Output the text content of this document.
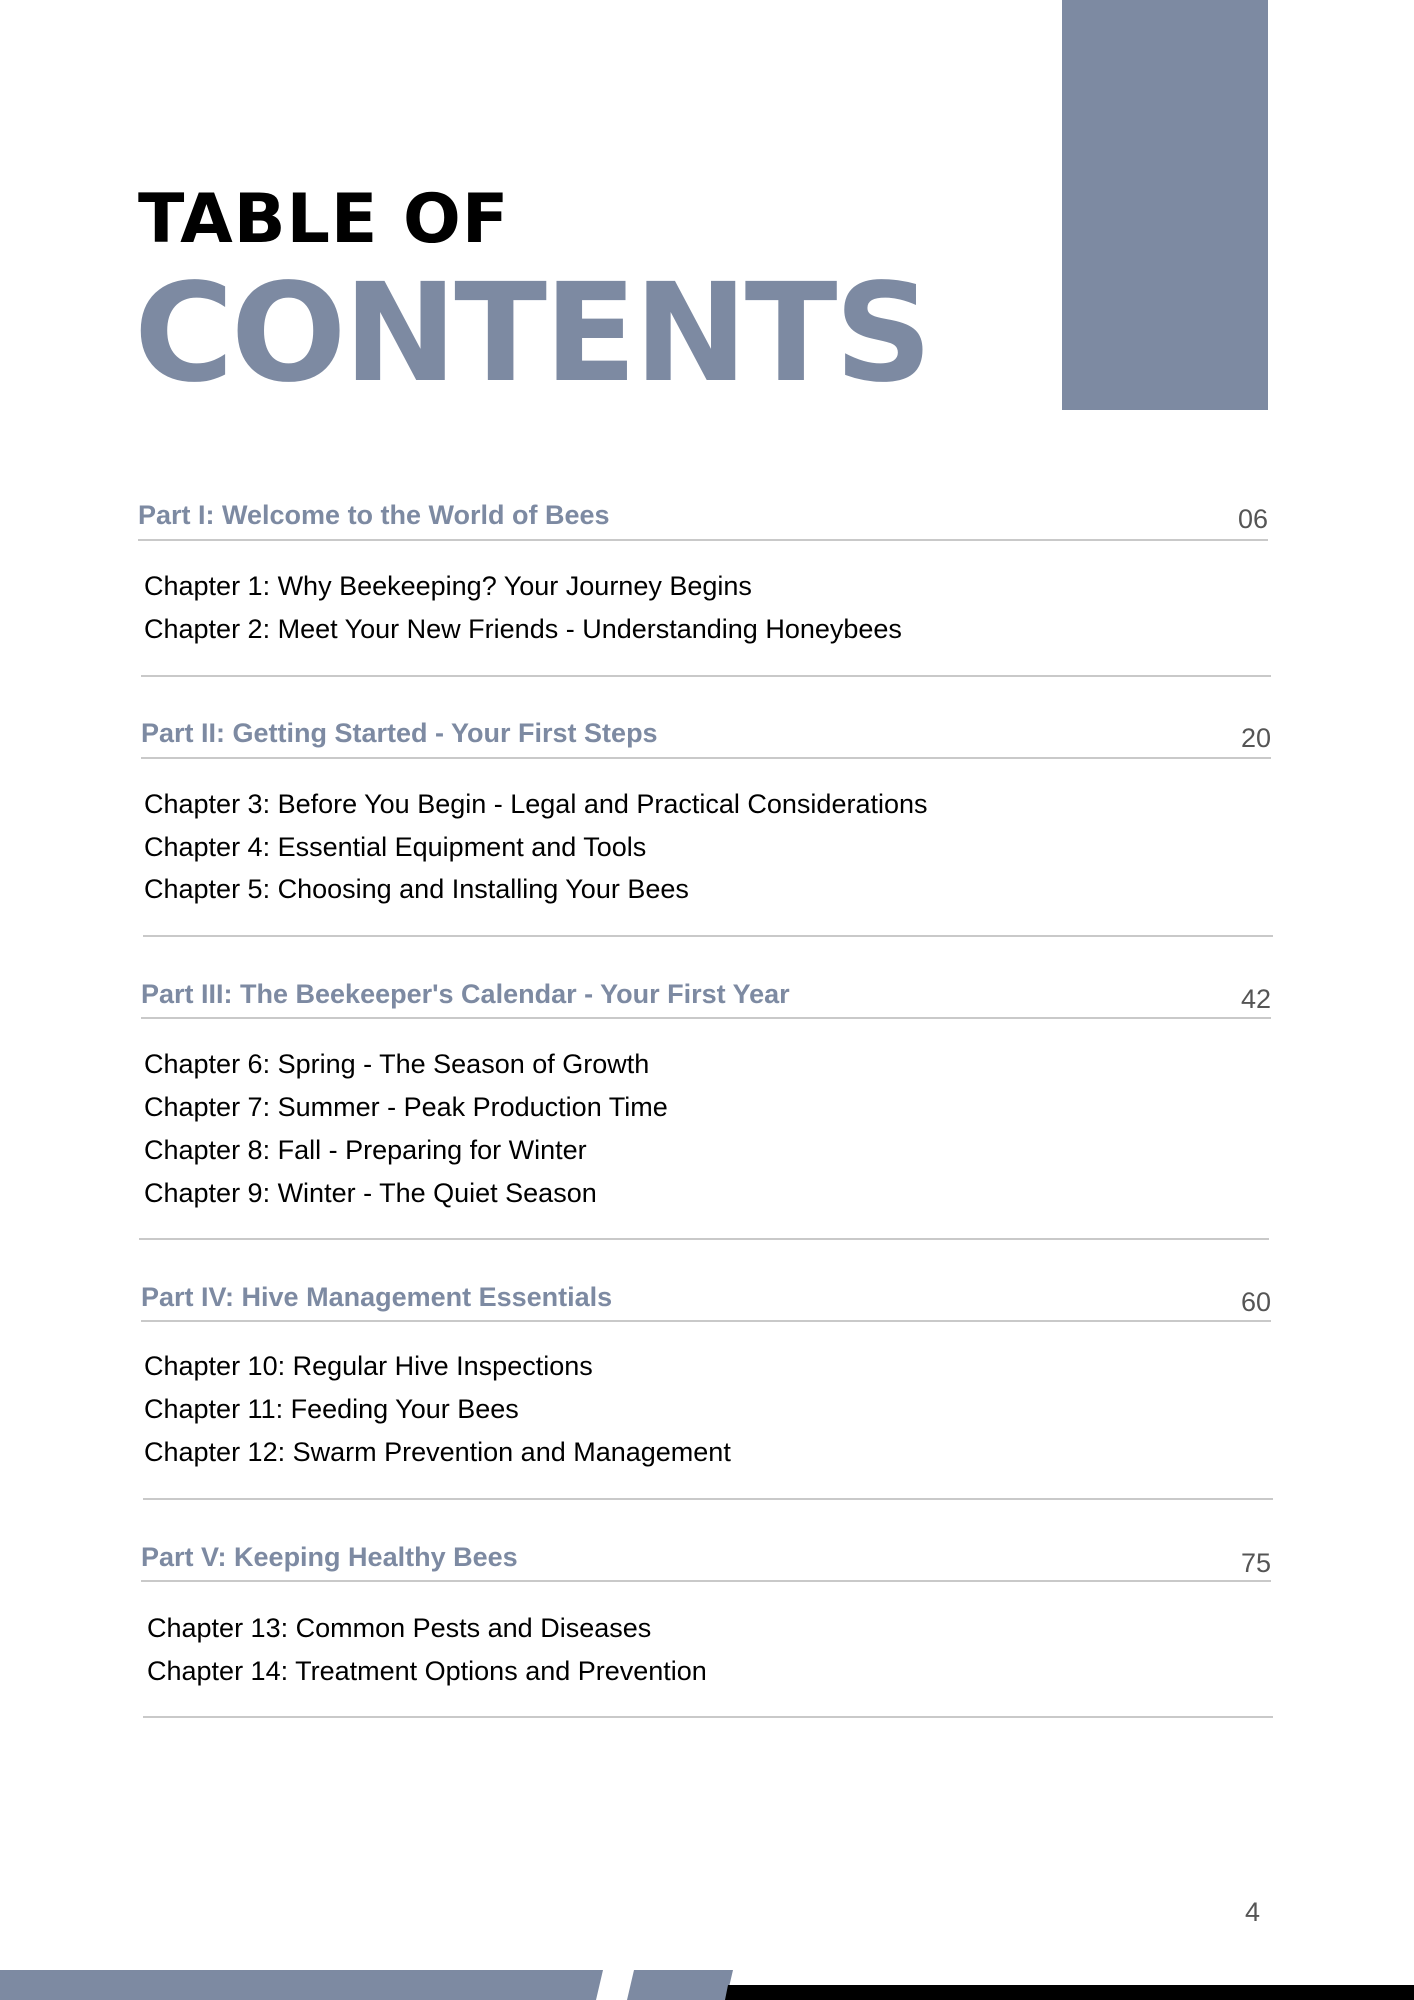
TABLE OF
CONTENTS
Part I: Welcome to the World of Bees	06
Chapter 1: Why Beekeeping? Your Journey Begins
Chapter 2: Meet Your New Friends - Understanding Honeybees
Part II: Getting Started - Your First Steps	20
Chapter 3: Before You Begin - Legal and Practical Considerations
Chapter 4: Essential Equipment and Tools
Chapter 5: Choosing and Installing Your Bees
Part III: The Beekeeper's Calendar - Your First Year	42
Chapter 6: Spring - The Season of Growth
Chapter 7: Summer - Peak Production Time
Chapter 8: Fall - Preparing for Winter
Chapter 9: Winter - The Quiet Season
Part IV: Hive Management Essentials	60
Chapter 10: Regular Hive Inspections
Chapter 11: Feeding Your Bees
Chapter 12: Swarm Prevention and Management
Part V: Keeping Healthy Bees	75
Chapter 13: Common Pests and Diseases
Chapter 14: Treatment Options and Prevention
4
